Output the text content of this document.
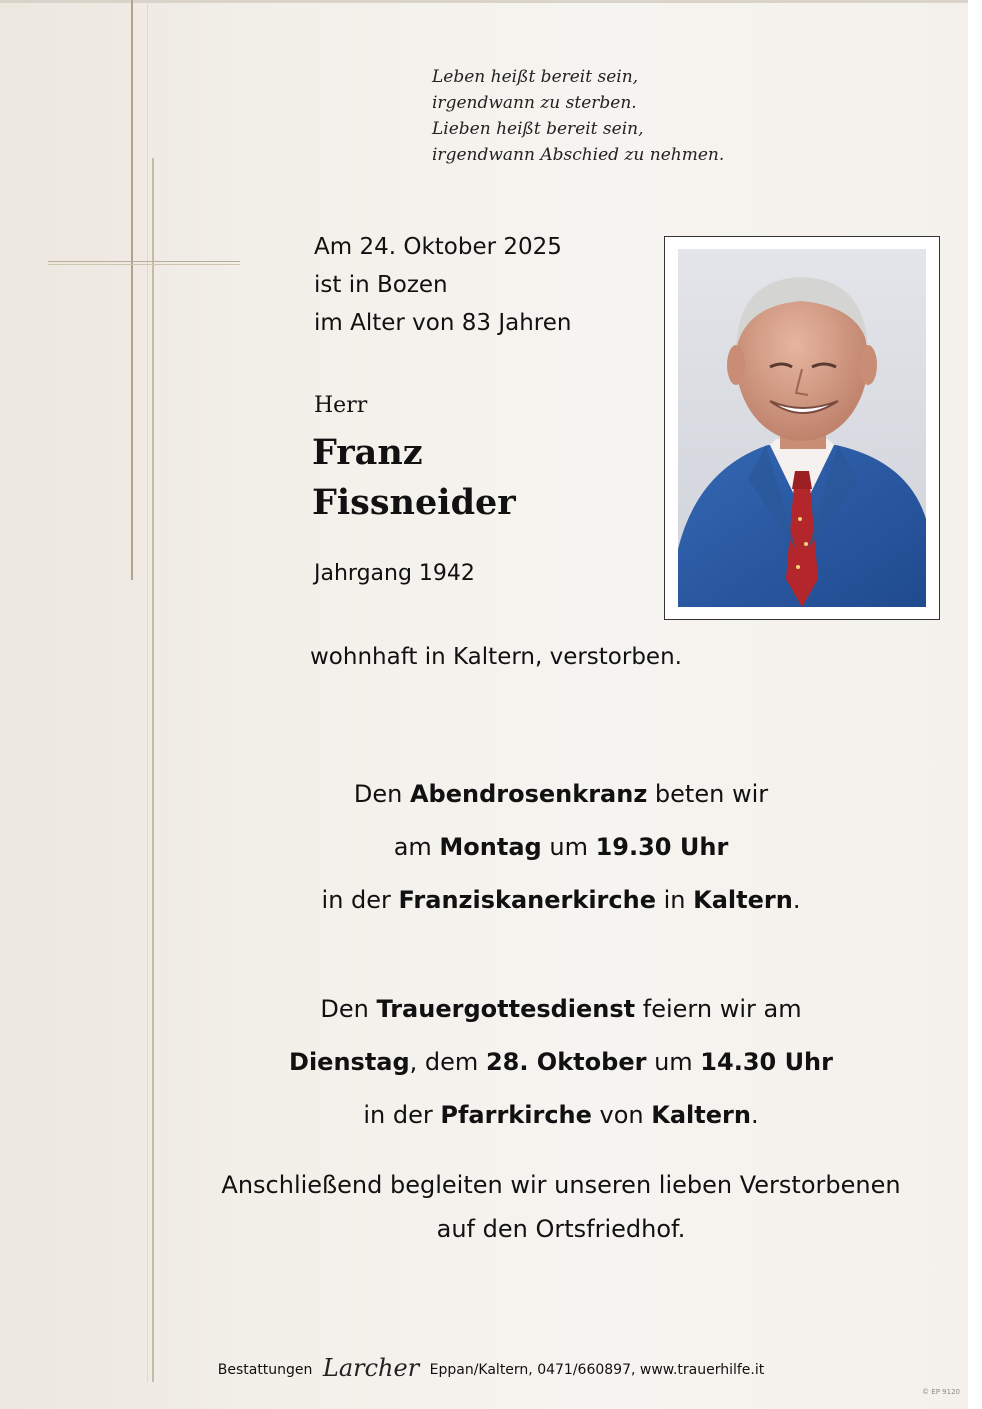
Leben heißt bereit sein,
irgendwann zu sterben.
Lieben heißt bereit sein,
irgendwann Abschied zu nehmen.
Am 24. Oktober 2025
ist in Bozen
im Alter von 83 Jahren
Herr
Franz
Fissneider
Jahrgang 1942
wohnhaft in Kaltern, verstorben.
Den Abendrosenkranz beten wir
am Montag um 19.30 Uhr
in der Franziskanerkirche in Kaltern.
Den Trauergottesdienst feiern wir am
Dienstag, dem 28. Oktober um 14.30 Uhr
in der Pfarrkirche von Kaltern.
Anschließend begleiten wir unseren lieben Verstorbenen
auf den Ortsfriedhof.
Bestattungen Larcher Eppan/Kaltern, 0471/660897, www.trauerhilfe.it
© EP 9120
